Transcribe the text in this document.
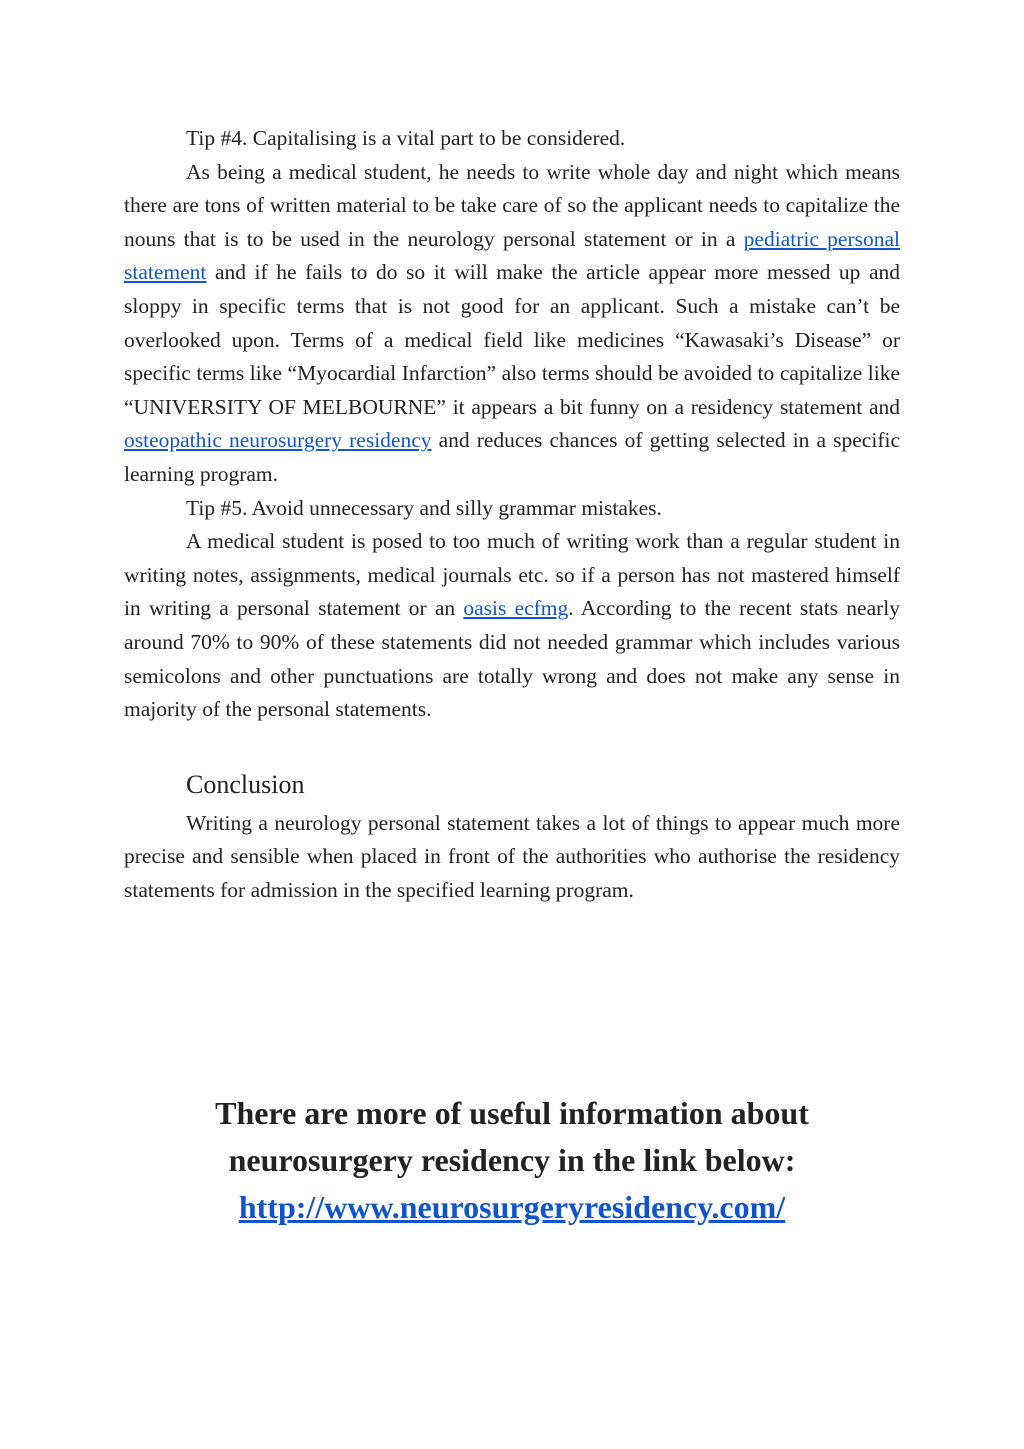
Tip #4. Capitalising is a vital part to be considered.

As being a medical student, he needs to write whole day and night which means there are tons of written material to be take care of so the applicant needs to capitalize the nouns that is to be used in the neurology personal statement or in a pediatric personal statement and if he fails to do so it will make the article appear more messed up and sloppy in specific terms that is not good for an applicant. Such a mistake can’t be overlooked upon. Terms of a medical field like medicines “Kawasaki’s Disease” or specific terms like “Myocardial Infarction” also terms should be avoided to capitalize like “UNIVERSITY OF MELBOURNE” it appears a bit funny on a residency statement and osteopathic neurosurgery residency and reduces chances of getting selected in a specific learning program.

Tip #5. Avoid unnecessary and silly grammar mistakes.

A medical student is posed to too much of writing work than a regular student in writing notes, assignments, medical journals etc. so if a person has not mastered himself in writing a personal statement or an oasis ecfmg. According to the recent stats nearly around 70% to 90% of these statements did not needed grammar which includes various semicolons and other punctuations are totally wrong and does not make any sense in majority of the personal statements.

Conclusion

Writing a neurology personal statement takes a lot of things to appear much more precise and sensible when placed in front of the authorities who authorise the residency statements for admission in the specified learning program.

There are more of useful information about
neurosurgery residency in the link below:
http://www.neurosurgeryresidency.com/
